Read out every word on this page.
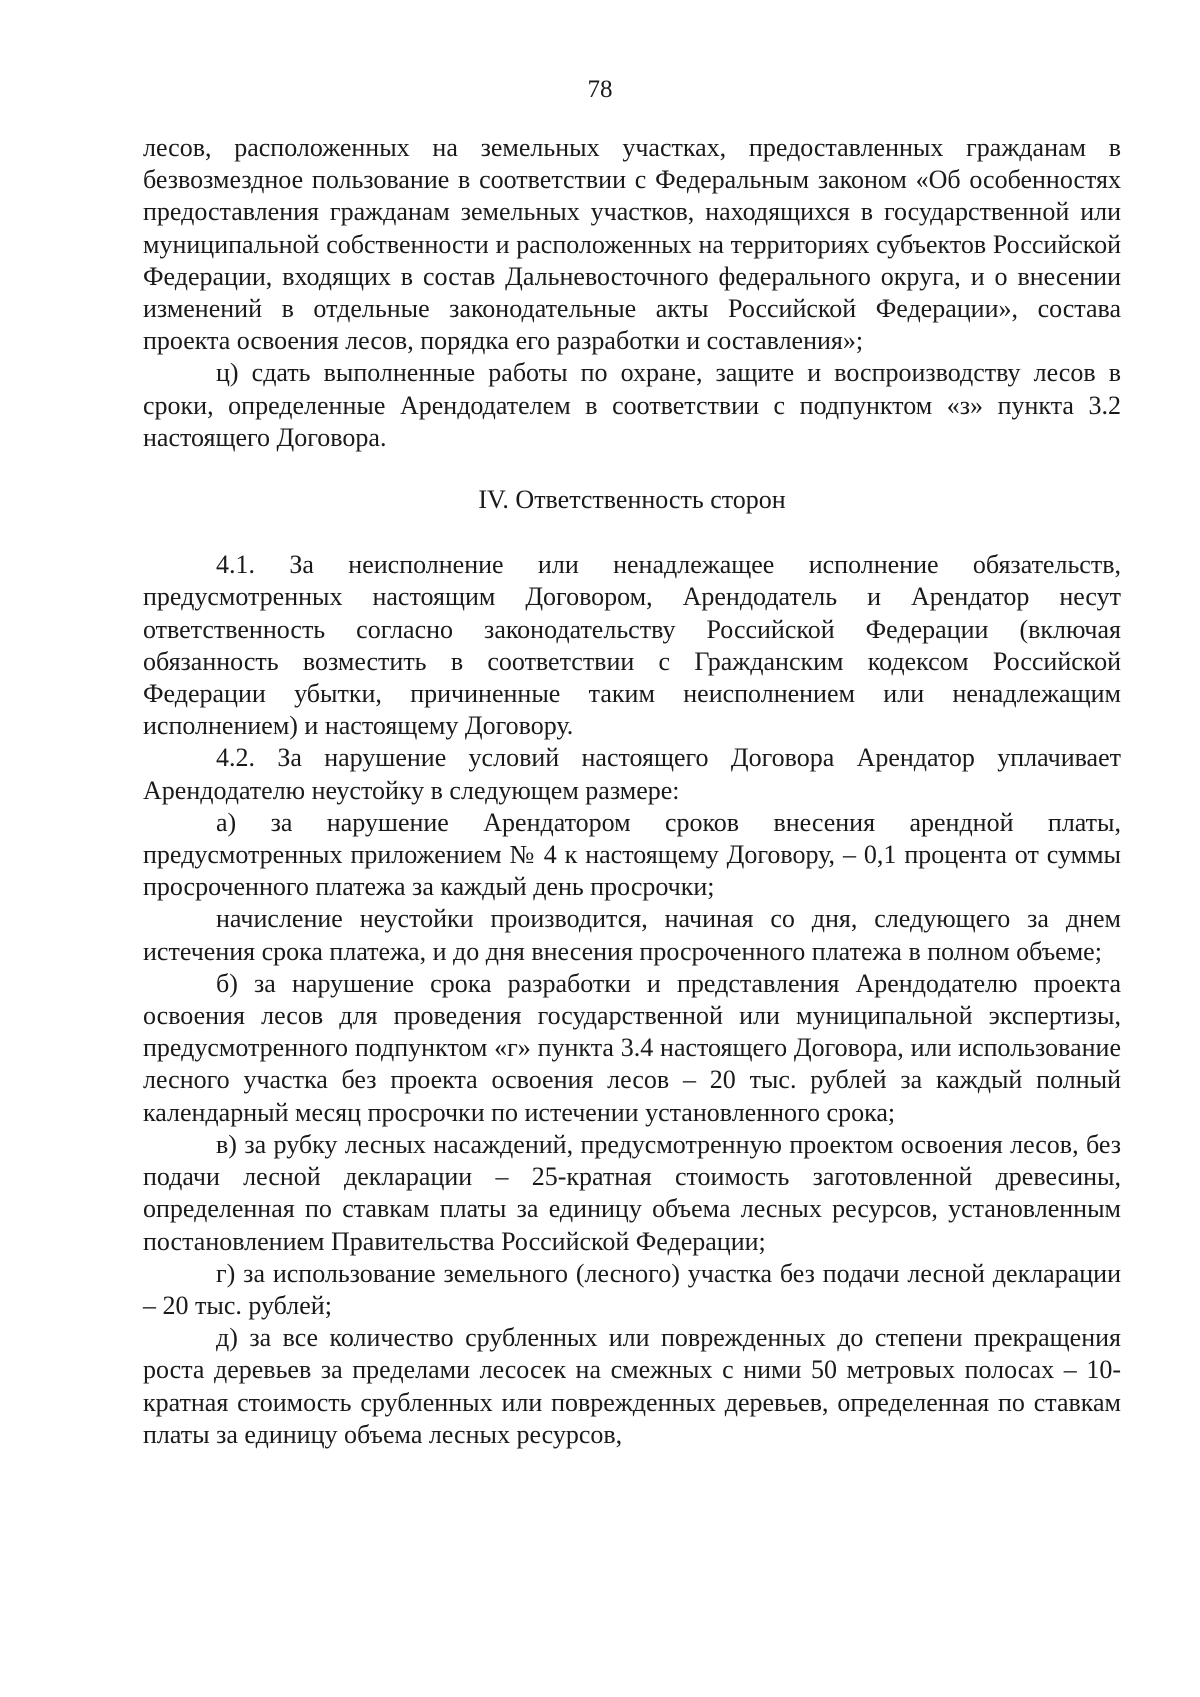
78

лесов, расположенных на земельных участках, предоставленных гражданам в безвозмездное пользование в соответствии с Федеральным законом «Об особенностях предоставления гражданам земельных участков, находящихся в государственной или муниципальной собственности и расположенных на территориях субъектов Российской Федерации, входящих в состав Дальневосточного федерального округа, и о внесении изменений в отдельные законодательные акты Российской Федерации», состава проекта освоения лесов, порядка его разработки и составления»;

ц) сдать выполненные работы по охране, защите и воспроизводству лесов в сроки, определенные Арендодателем в соответствии с подпунктом «з» пункта 3.2 настоящего Договора.

IV. Ответственность сторон

4.1. За неисполнение или ненадлежащее исполнение обязательств, предусмотренных настоящим Договором, Арендодатель и Арендатор несут ответственность согласно законодательству Российской Федерации (включая обязанность возместить в соответствии с Гражданским кодексом Российской Федерации убытки, причиненные таким неисполнением или ненадлежащим исполнением) и настоящему Договору.

4.2. За нарушение условий настоящего Договора Арендатор уплачивает Арендодателю неустойку в следующем размере:

а) за нарушение Арендатором сроков внесения арендной платы, предусмотренных приложением № 4 к настоящему Договору, – 0,1 процента от суммы просроченного платежа за каждый день просрочки;

начисление неустойки производится, начиная со дня, следующего за днем истечения срока платежа, и до дня внесения просроченного платежа в полном объеме;

б) за нарушение срока разработки и представления Арендодателю проекта освоения лесов для проведения государственной или муниципальной экспертизы, предусмотренного подпунктом «г» пункта 3.4 настоящего Договора, или использование лесного участка без проекта освоения лесов – 20 тыс. рублей за каждый полный календарный месяц просрочки по истечении установленного срока;

в) за рубку лесных насаждений, предусмотренную проектом освоения лесов, без подачи лесной декларации – 25-кратная стоимость заготовленной древесины, определенная по ставкам платы за единицу объема лесных ресурсов, установленным постановлением Правительства Российской Федерации;

г) за использование земельного (лесного) участка без подачи лесной декларации – 20 тыс. рублей;

д) за все количество срубленных или поврежденных до степени прекращения роста деревьев за пределами лесосек на смежных с ними 50 метровых полосах – 10-кратная стоимость срубленных или поврежденных деревьев, определенная по ставкам платы за единицу объема лесных ресурсов,
